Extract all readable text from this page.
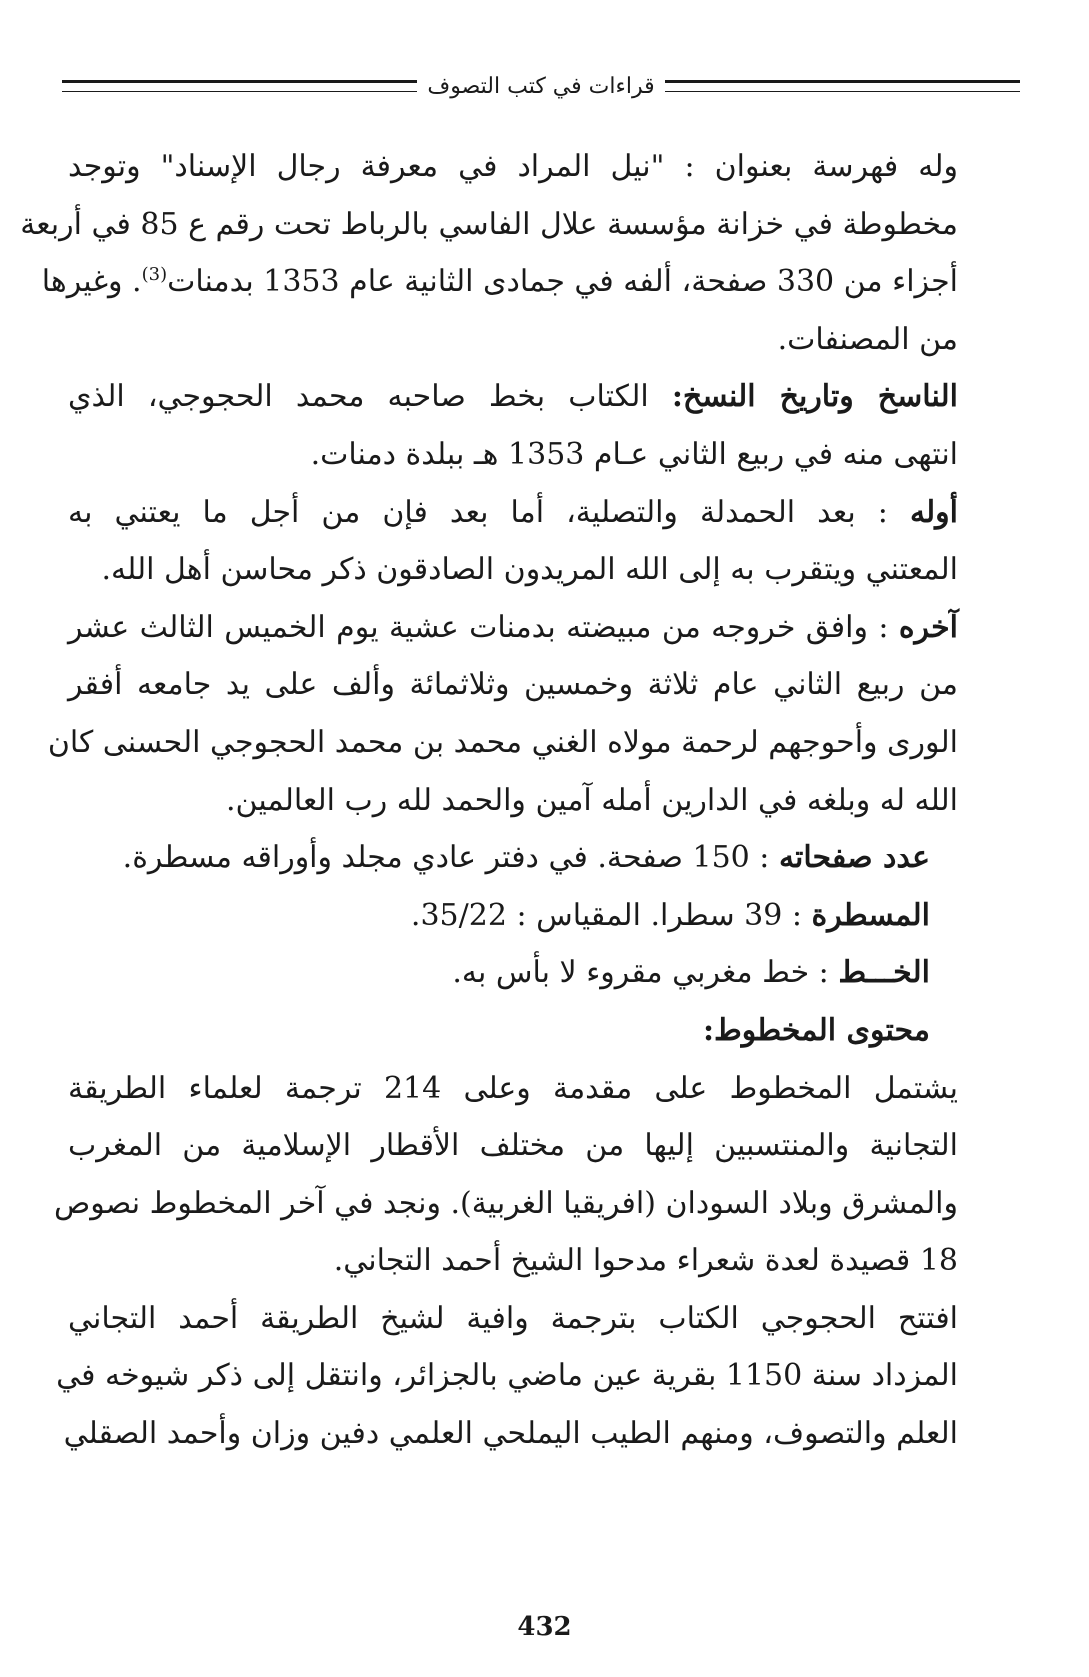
قراءات في كتب التصوف

وله فهرسة بعنوان : "نيل المراد في معرفة رجال الإسناد" وتوجد
مخطوطة في خزانة مؤسسة علال الفاسي بالرباط تحت رقم ع 85 في أربعة
أجزاء من 330 صفحة، ألفه في جمادى الثانية عام 1353 بدمنات$^{(3)}$. وغيرها
من المصنفات.

الناسخ وتاريخ النسخ: الكتاب بخط صاحبه محمد الحجوجي، الذي
انتهى منه في ربيع الثاني عـام 1353 هـ ببلدة دمنات.

أوله : بعد الحمدلة والتصلية، أما بعد فإن من أجل ما يعتني به
المعتني ويتقرب به إلى الله المريدون الصادقون ذكر محاسن أهل الله.

آخره : وافق خروجه من مبيضته بدمنات عشية يوم الخميس الثالث عشر
من ربيع الثاني عام ثلاثة وخمسين وثلاثمائة وألف على يد جامعه أفقر
الورى وأحوجهم لرحمة مولاه الغني محمد بن محمد الحجوجي الحسنى كان
الله له وبلغه في الدارين أمله آمين والحمد لله رب العالمين.

عدد صفحاته : 150 صفحة. في دفتر عادي مجلد وأوراقه مسطرة.

المسطرة : 39 سطرا. المقياس : 35/22.

الخـــط : خط مغربي مقروء لا بأس به.

محتوى المخطوط:

يشتمل المخطوط على مقدمة وعلى 214 ترجمة لعلماء الطريقة
التجانية والمنتسبين إليها من مختلف الأقطار الإسلامية من المغرب
والمشرق وبلاد السودان (افريقيا الغربية). ونجد في آخر المخطوط نصوص
18 قصيدة لعدة شعراء مدحوا الشيخ أحمد التجاني.

افتتح الحجوجي الكتاب بترجمة وافية لشيخ الطريقة أحمد التجاني
المزداد سنة 1150 بقرية عين ماضي بالجزائر، وانتقل إلى ذكر شيوخه في
العلم والتصوف، ومنهم الطيب اليملحي العلمي دفين وزان وأحمد الصقلي

432
